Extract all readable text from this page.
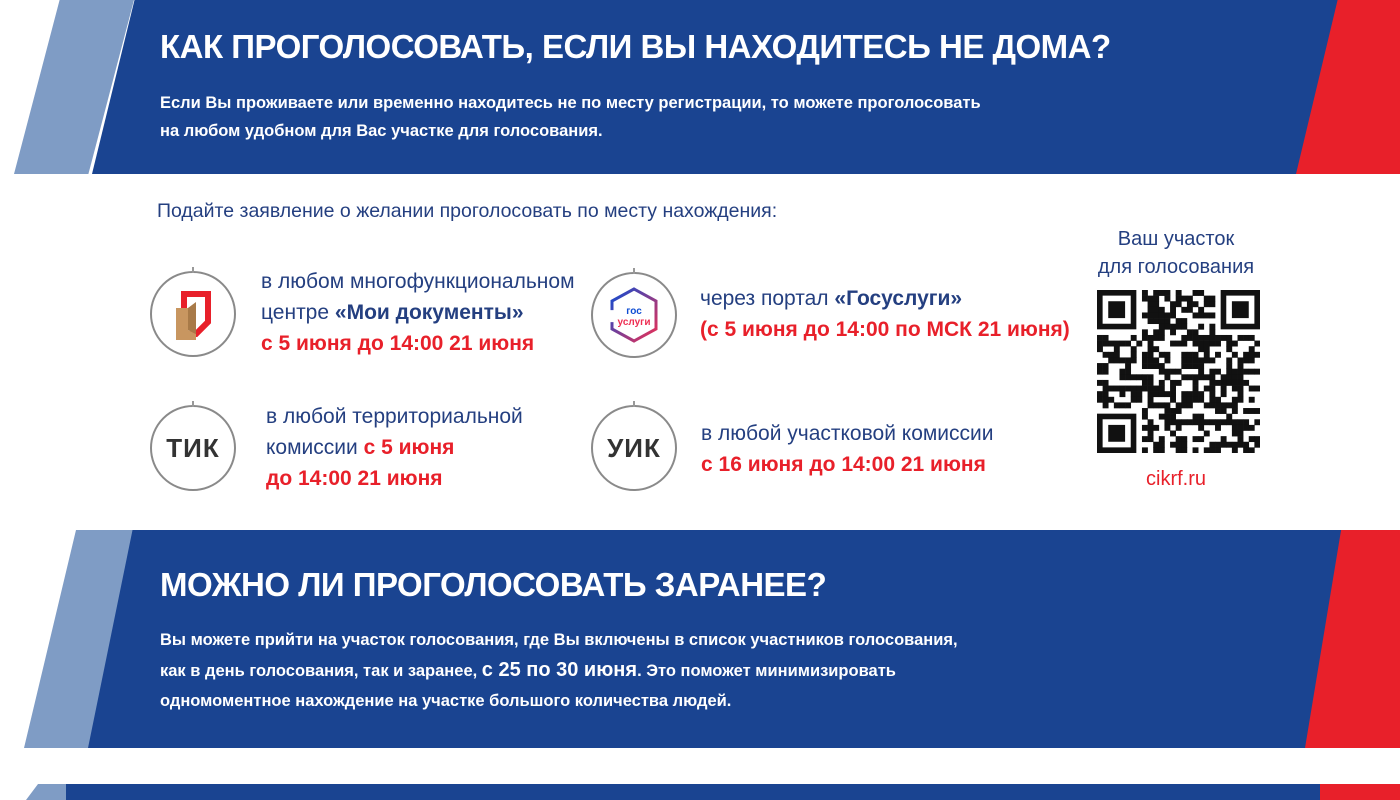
КАК ПРОГОЛОСОВАТЬ, ЕСЛИ ВЫ НАХОДИТЕСЬ НЕ ДОМА?
Если Вы проживаете или временно находитесь не по месту регистрации, то можете проголосовать
на любом удобном для Вас участке для голосования.
Подайте заявление о желании проголосовать по месту нахождения:
в любом многофункциональном
центре «Мои документы»
с 5 июня до 14:00 21 июня
гос
услуги
через портал «Госуслуги»
(с 5 июня до 14:00 по МСК 21 июня)
ТИК
в любой территориальной
комиссии с 5 июня
до 14:00 21 июня
УИК в любой участковой комиссии
с 16 июня до 14:00 21 июня
Ваш участок
для голосования
cikrf.ru
МОЖНО ЛИ ПРОГОЛОСОВАТЬ ЗАРАНЕЕ?
Вы можете прийти на участок голосования, где Вы включены в список участников голосования,
как в день голосования, так и заранее, с 25 по 30 июня. Это поможет минимизировать
одномоментное нахождение на участке большого количества людей.
